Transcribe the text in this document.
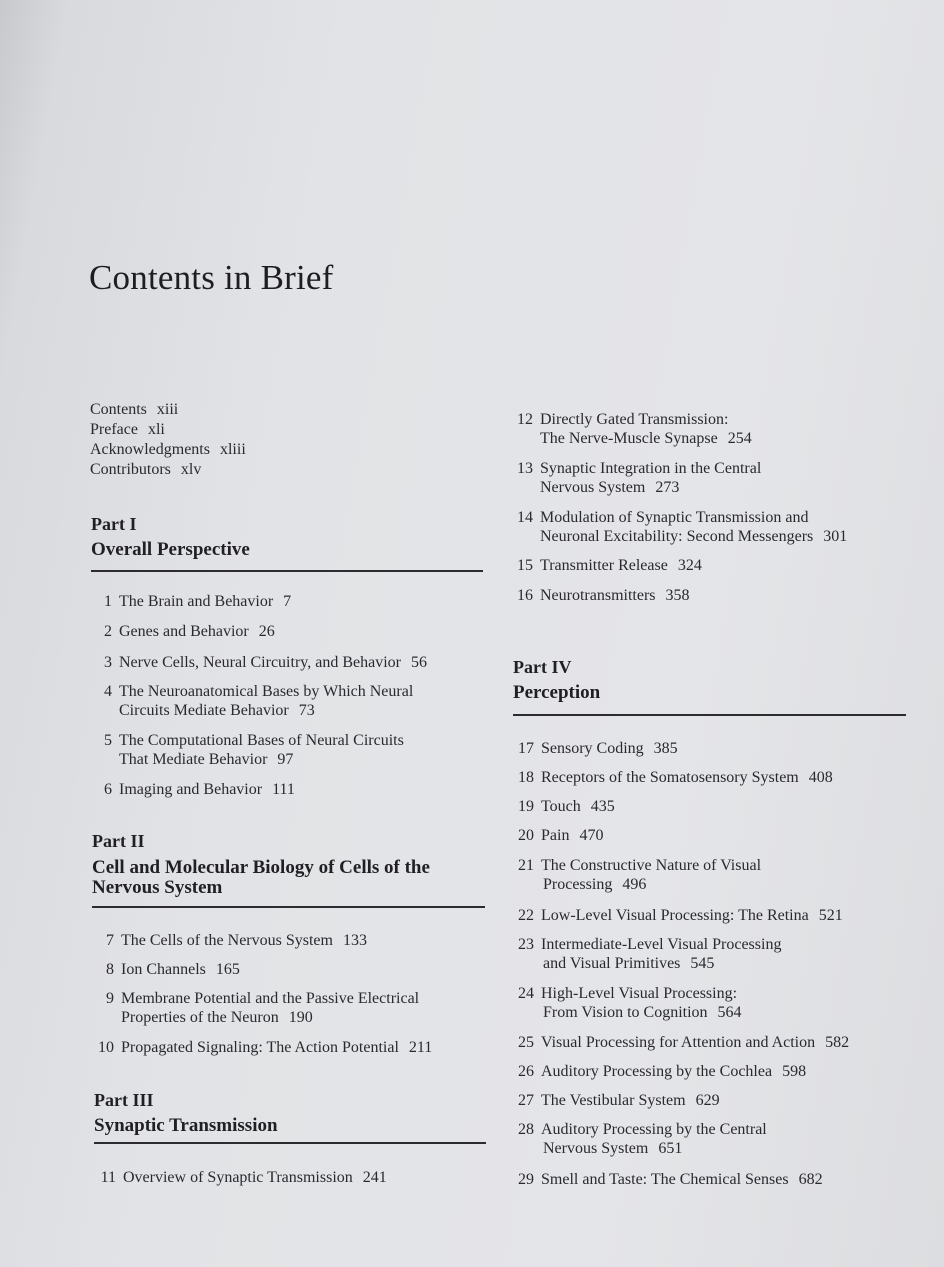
Contents in Brief
Contents xiii
Preface xli
Acknowledgments xliii
Contributors xlv
Part I
Overall Perspective
Part II
Cell and Molecular Biology of Cells of the
Nervous System
Part III
Synaptic Transmission
Part IV
Perception
1 The Brain and Behavior 7
2 Genes and Behavior 26
3 Nerve Cells, Neural Circuitry, and Behavior 56
4 The Neuroanatomical Bases by Which Neural
Circuits Mediate Behavior 73
5 The Computational Bases of Neural Circuits
That Mediate Behavior 97
6 Imaging and Behavior 111
7 The Cells of the Nervous System 133
8 Ion Channels 165
9 Membrane Potential and the Passive Electrical
Properties of the Neuron 190
10 Propagated Signaling: The Action Potential 211
11 Overview of Synaptic Transmission 241
12 Directly Gated Transmission:
The Nerve-Muscle Synapse 254
13 Synaptic Integration in the Central
Nervous System 273
14 Modulation of Synaptic Transmission and
Neuronal Excitability: Second Messengers 301
15 Transmitter Release 324
16 Neurotransmitters 358
17 Sensory Coding 385
18 Receptors of the Somatosensory System 408
19 Touch 435
20 Pain 470
21 The Constructive Nature of Visual
Processing 496
22 Low-Level Visual Processing: The Retina 521
23 Intermediate-Level Visual Processing
and Visual Primitives 545
24 High-Level Visual Processing:
From Vision to Cognition 564
25 Visual Processing for Attention and Action 582
26 Auditory Processing by the Cochlea 598
27 The Vestibular System 629
28 Auditory Processing by the Central
Nervous System 651
29 Smell and Taste: The Chemical Senses 682
